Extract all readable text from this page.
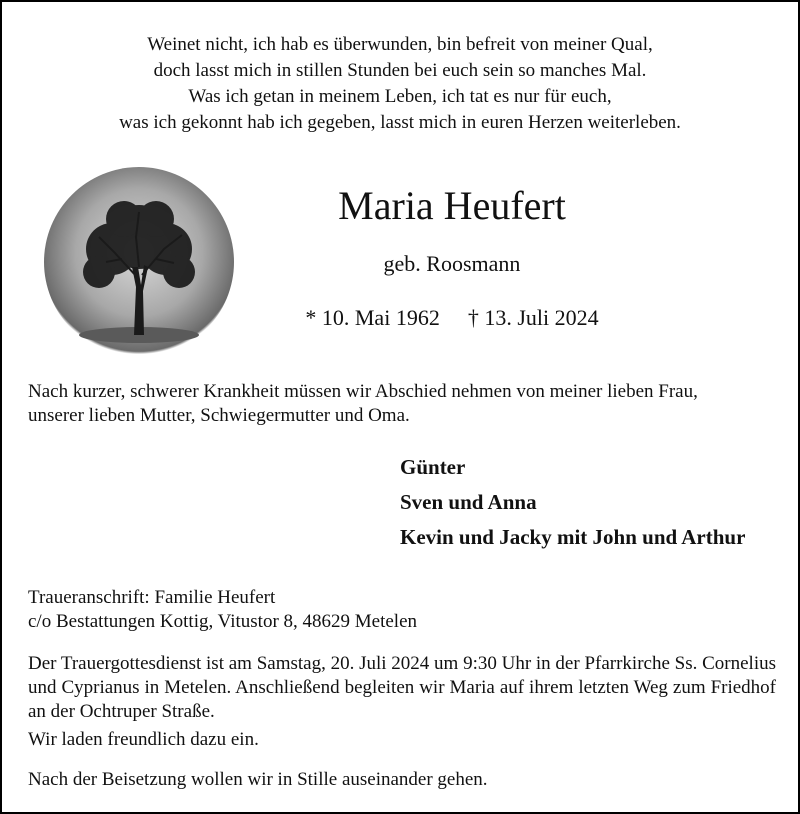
Weinet nicht, ich hab es überwunden, bin befreit von meiner Qual,
doch lasst mich in stillen Stunden bei euch sein so manches Mal.
Was ich getan in meinem Leben, ich tat es nur für euch,
was ich gekonnt hab ich gegeben, lasst mich in euren Herzen weiterleben.
Maria Heufert
geb. Roosmann
* 10. Mai 1962 † 13. Juli 2024
Nach kurzer, schwerer Krankheit müssen wir Abschied nehmen von meiner lieben Frau,
unserer lieben Mutter, Schwiegermutter und Oma.
Günter
Sven und Anna
Kevin und Jacky mit John und Arthur
Traueranschrift: Familie Heufert
c/o Bestattungen Kottig, Vitustor 8, 48629 Metelen
Der Trauergottesdienst ist am Samstag, 20. Juli 2024 um 9:30 Uhr in der Pfarrkirche Ss. Cornelius und Cyprianus in Metelen. Anschließend begleiten wir Maria auf ihrem letzten Weg zum Friedhof an der Ochtruper Straße.
Wir laden freundlich dazu ein.
Nach der Beisetzung wollen wir in Stille auseinander gehen.
